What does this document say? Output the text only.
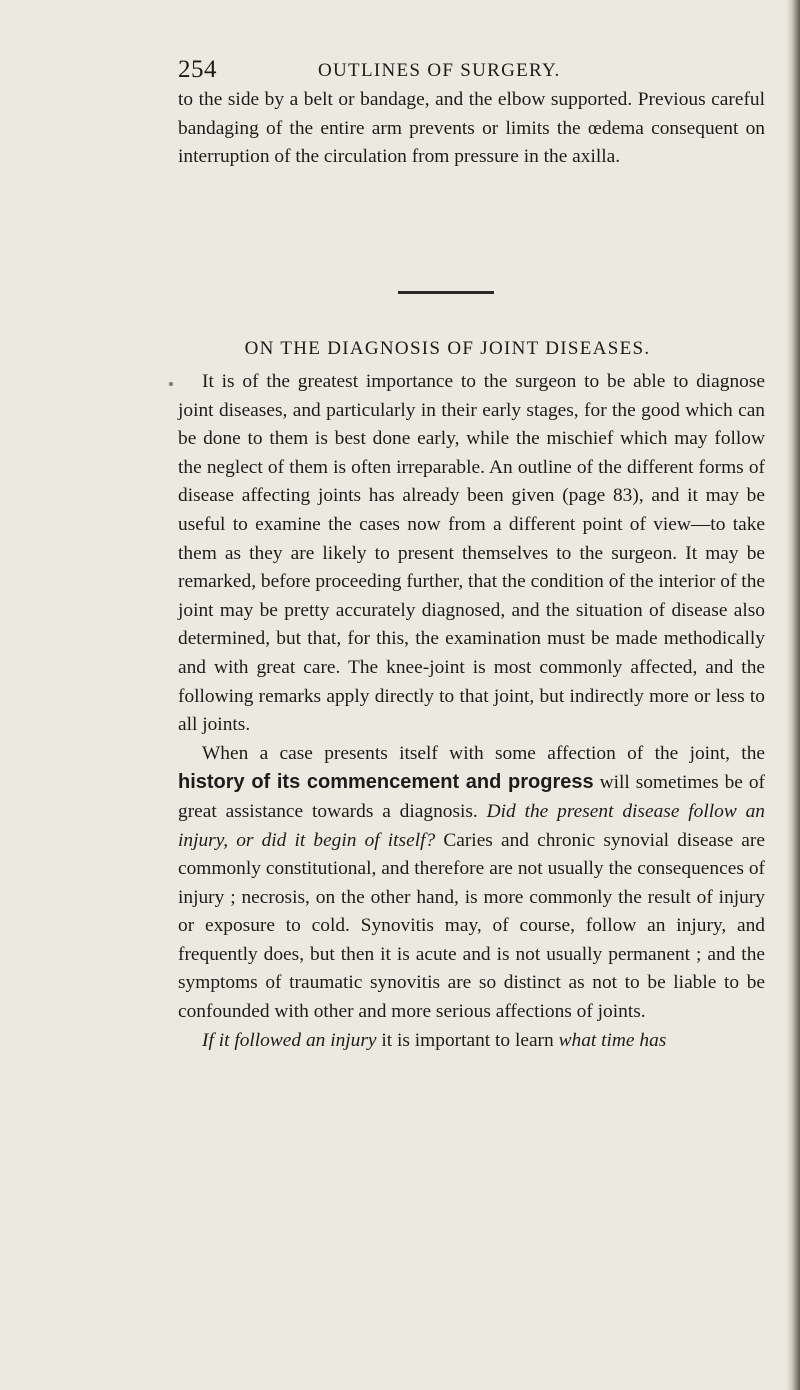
254	OUTLINES OF SURGERY.

to the side by a belt or bandage, and the elbow supported. Previous careful bandaging of the entire arm prevents or limits the œdema consequent on interruption of the circulation from pressure in the axilla.

ON THE DIAGNOSIS OF JOINT DISEASES.

It is of the greatest importance to the surgeon to be able to diagnose joint diseases, and particularly in their early stages, for the good which can be done to them is best done early, while the mischief which may follow the neglect of them is often irreparable. An outline of the different forms of disease affecting joints has already been given (page 83), and it may be useful to examine the cases now from a different point of view—to take them as they are likely to present themselves to the surgeon. It may be remarked, before proceeding further, that the condition of the interior of the joint may be pretty accurately diagnosed, and the situation of disease also determined, but that, for this, the examination must be made methodically and with great care. The knee-joint is most commonly affected, and the following remarks apply directly to that joint, but indirectly more or less to all joints.

When a case presents itself with some affection of the joint, the history of its commencement and progress will sometimes be of great assistance towards a diagnosis. Did the present disease follow an injury, or did it begin of itself? Caries and chronic synovial disease are commonly constitutional, and therefore are not usually the consequences of injury ; necrosis, on the other hand, is more commonly the result of injury or exposure to cold. Synovitis may, of course, follow an injury, and frequently does, but then it is acute and is not usually permanent ; and the symptoms of traumatic synovitis are so distinct as not to be liable to be confounded with other and more serious affections of joints.

If it followed an injury it is important to learn what time has
